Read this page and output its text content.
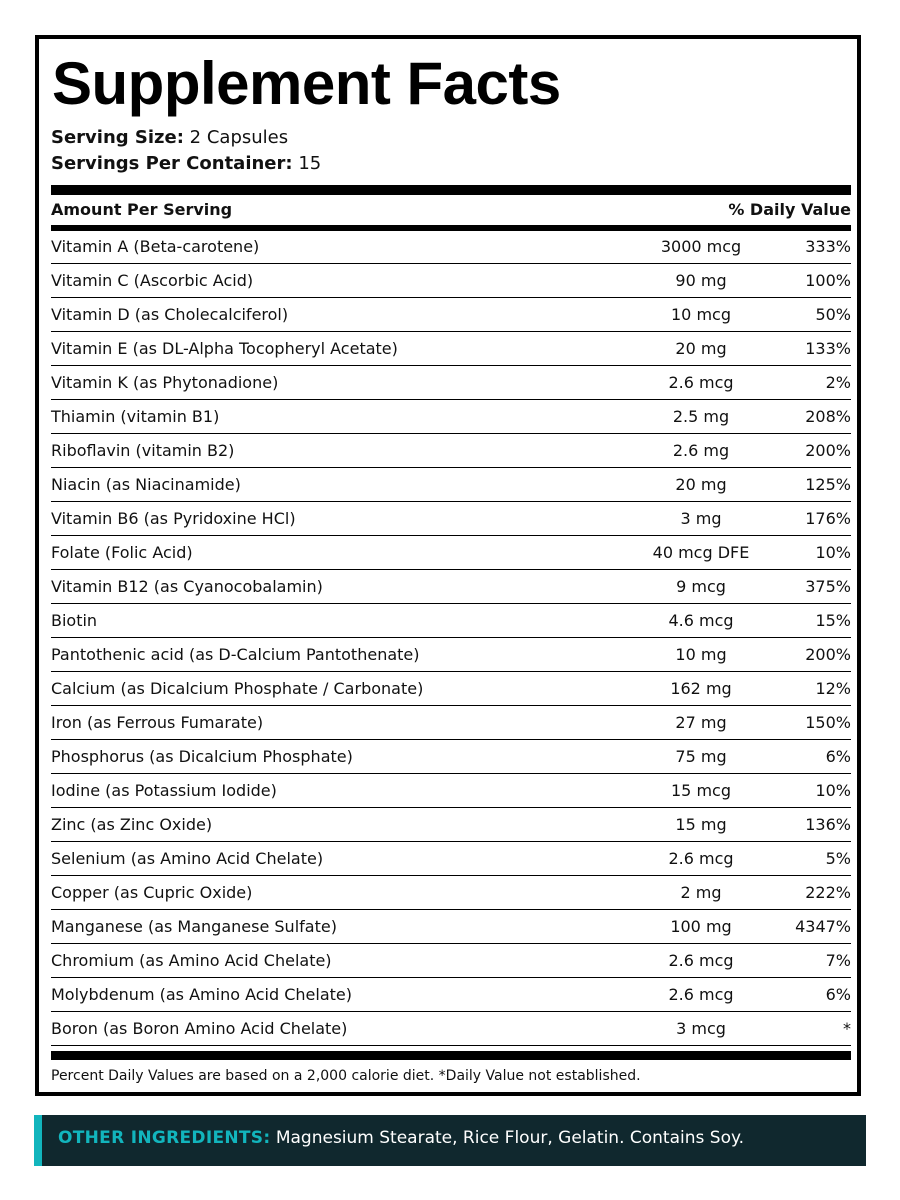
Supplement Facts
Serving Size: 2 Capsules
Servings Per Container: 15
Amount Per Serving	% Daily Value
Vitamin A (Beta-carotene)	3000 mcg	333%
Vitamin C (Ascorbic Acid)	90 mg	100%
Vitamin D (as Cholecalciferol)	10 mcg	50%
Vitamin E (as DL-Alpha Tocopheryl Acetate)	20 mg	133%
Vitamin K (as Phytonadione)	2.6 mcg	2%
Thiamin (vitamin B1)	2.5 mg	208%
Riboflavin (vitamin B2)	2.6 mg	200%
Niacin (as Niacinamide)	20 mg	125%
Vitamin B6 (as Pyridoxine HCl)	3 mg	176%
Folate (Folic Acid)	40 mcg DFE	10%
Vitamin B12 (as Cyanocobalamin)	9 mcg	375%
Biotin	4.6 mcg	15%
Pantothenic acid (as D-Calcium Pantothenate)	10 mg	200%
Calcium (as Dicalcium Phosphate / Carbonate)	162 mg	12%
Iron (as Ferrous Fumarate)	27 mg	150%
Phosphorus (as Dicalcium Phosphate)	75 mg	6%
Iodine (as Potassium Iodide)	15 mcg	10%
Zinc (as Zinc Oxide)	15 mg	136%
Selenium (as Amino Acid Chelate)	2.6 mcg	5%
Copper (as Cupric Oxide)	2 mg	222%
Manganese (as Manganese Sulfate)	100 mg	4347%
Chromium (as Amino Acid Chelate)	2.6 mcg	7%
Molybdenum (as Amino Acid Chelate)	2.6 mcg	6%
Boron (as Boron Amino Acid Chelate)	3 mcg	*
Percent Daily Values are based on a 2,000 calorie diet. *Daily Value not established.
OTHER INGREDIENTS: Magnesium Stearate, Rice Flour, Gelatin. Contains Soy.
